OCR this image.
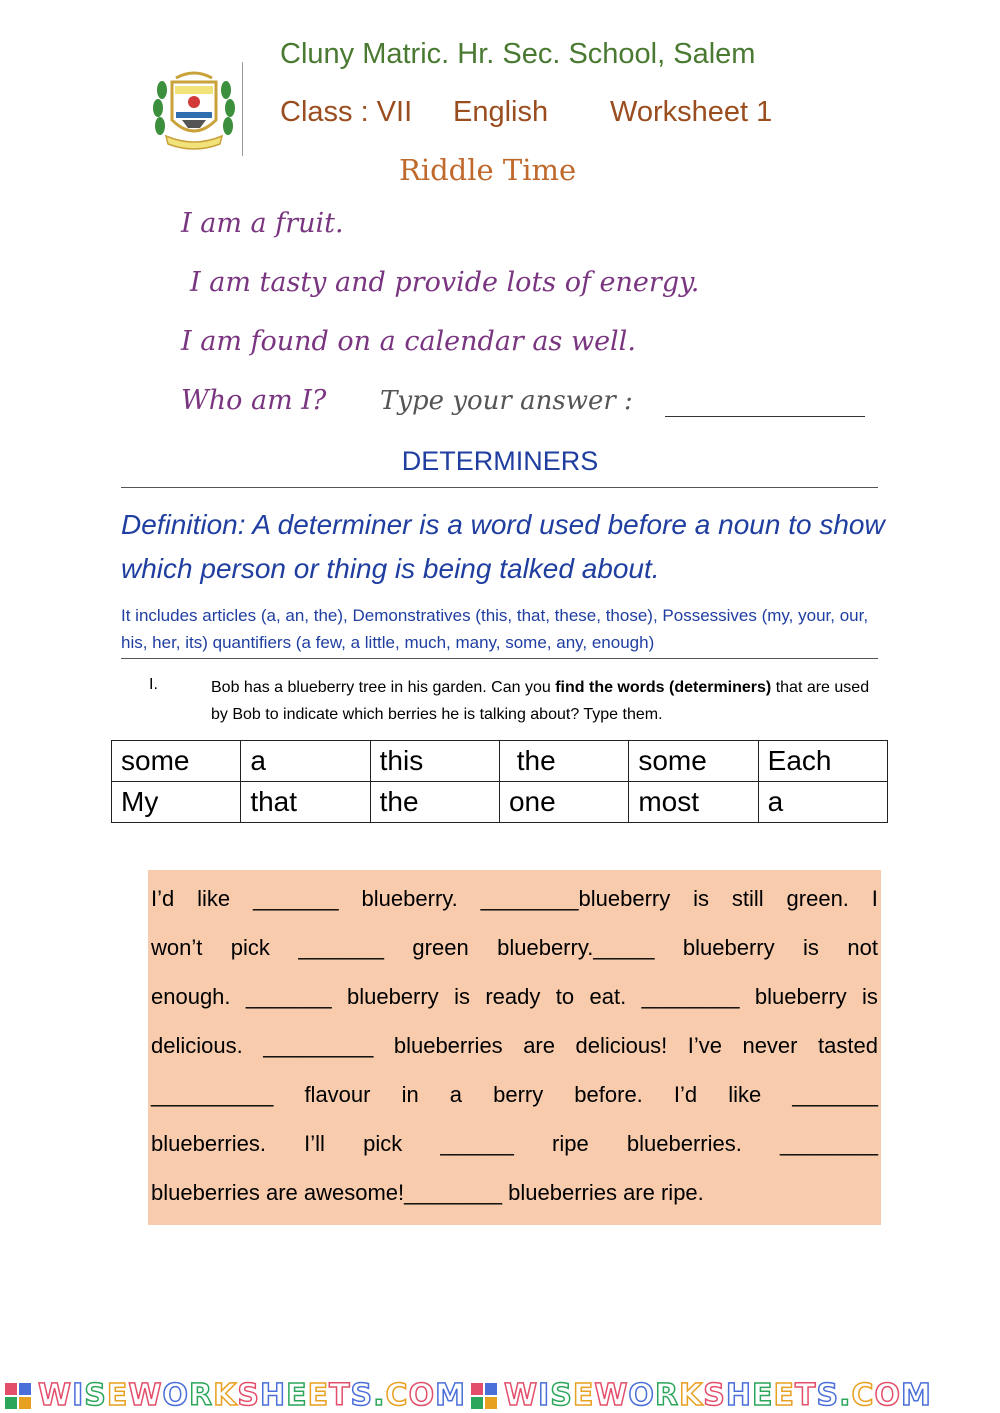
Cluny Matric. Hr. Sec. School, Salem
Class : VII English Worksheet 1
Riddle Time
I am a fruit.
I am tasty and provide lots of energy.
I am found on a calendar as well.
Who am I? Type your answer :
DETERMINERS
Definition: A determiner is a word used before a noun to show which person or thing is being talked about.
It includes articles (a, an, the), Demonstratives (this, that, these, those), Possessives (my, your, our, his, her, its) quantifiers (a few, a little, much, many, some, any, enough)
I.	Bob has a blueberry tree in his garden. Can you find the words (determiners) that are used by Bob to indicate which berries he is talking about? Type them.
some	a	this	the	some	Each
My	that	the	one	most	a
I’d like _______ blueberry. ________blueberry is still green. I
won’t pick _______ green blueberry._____ blueberry is not
enough. _______ blueberry is ready to eat. ________ blueberry is
delicious. _________ blueberries are delicious! I’ve never tasted
__________ flavour in a berry before. I’d like _______
blueberries. I’ll pick ______ ripe blueberries. ________
blueberries are awesome!________ blueberries are ripe.
WISEWORKSHEETS.COM WISEWORKSHEETS.COM
